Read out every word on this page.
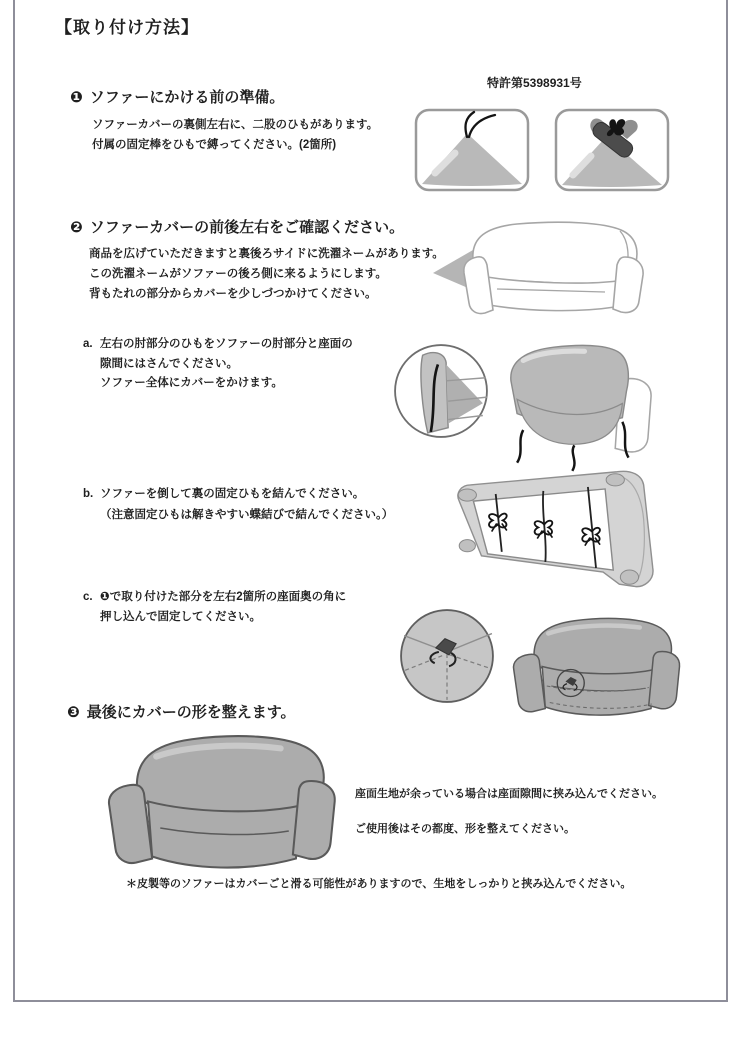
【取り付け方法】
特許第5398931号
❶ ソファーにかける前の準備。
ソファーカバーの裏側左右に、二股のひもがあります。
付属の固定棒をひもで縛ってください。(2箇所)
❷ ソファーカバーの前後左右をご確認ください。
商品を広げていただきますと裏後ろサイドに洗濯ネームがあります。
この洗濯ネームがソファーの後ろ側に来るようにします。
背もたれの部分からカバーを少しづつかけてください。
a. 左右の肘部分のひもをソファーの肘部分と座面の
隙間にはさんでください。
ソファー全体にカバーをかけます。
b. ソファーを倒して裏の固定ひもを結んでください。
（注意固定ひもは解きやすい蝶結びで結んでください。）
c. ❶で取り付けた部分を左右2箇所の座面奥の角に
押し込んで固定してください。
❸ 最後にカバーの形を整えます。
座面生地が余っている場合は座面隙間に挟み込んでください。
ご使用後はその都度、形を整えてください。
＊皮製等のソファーはカバーごと滑る可能性がありますので、生地をしっかりと挟み込んでください。
